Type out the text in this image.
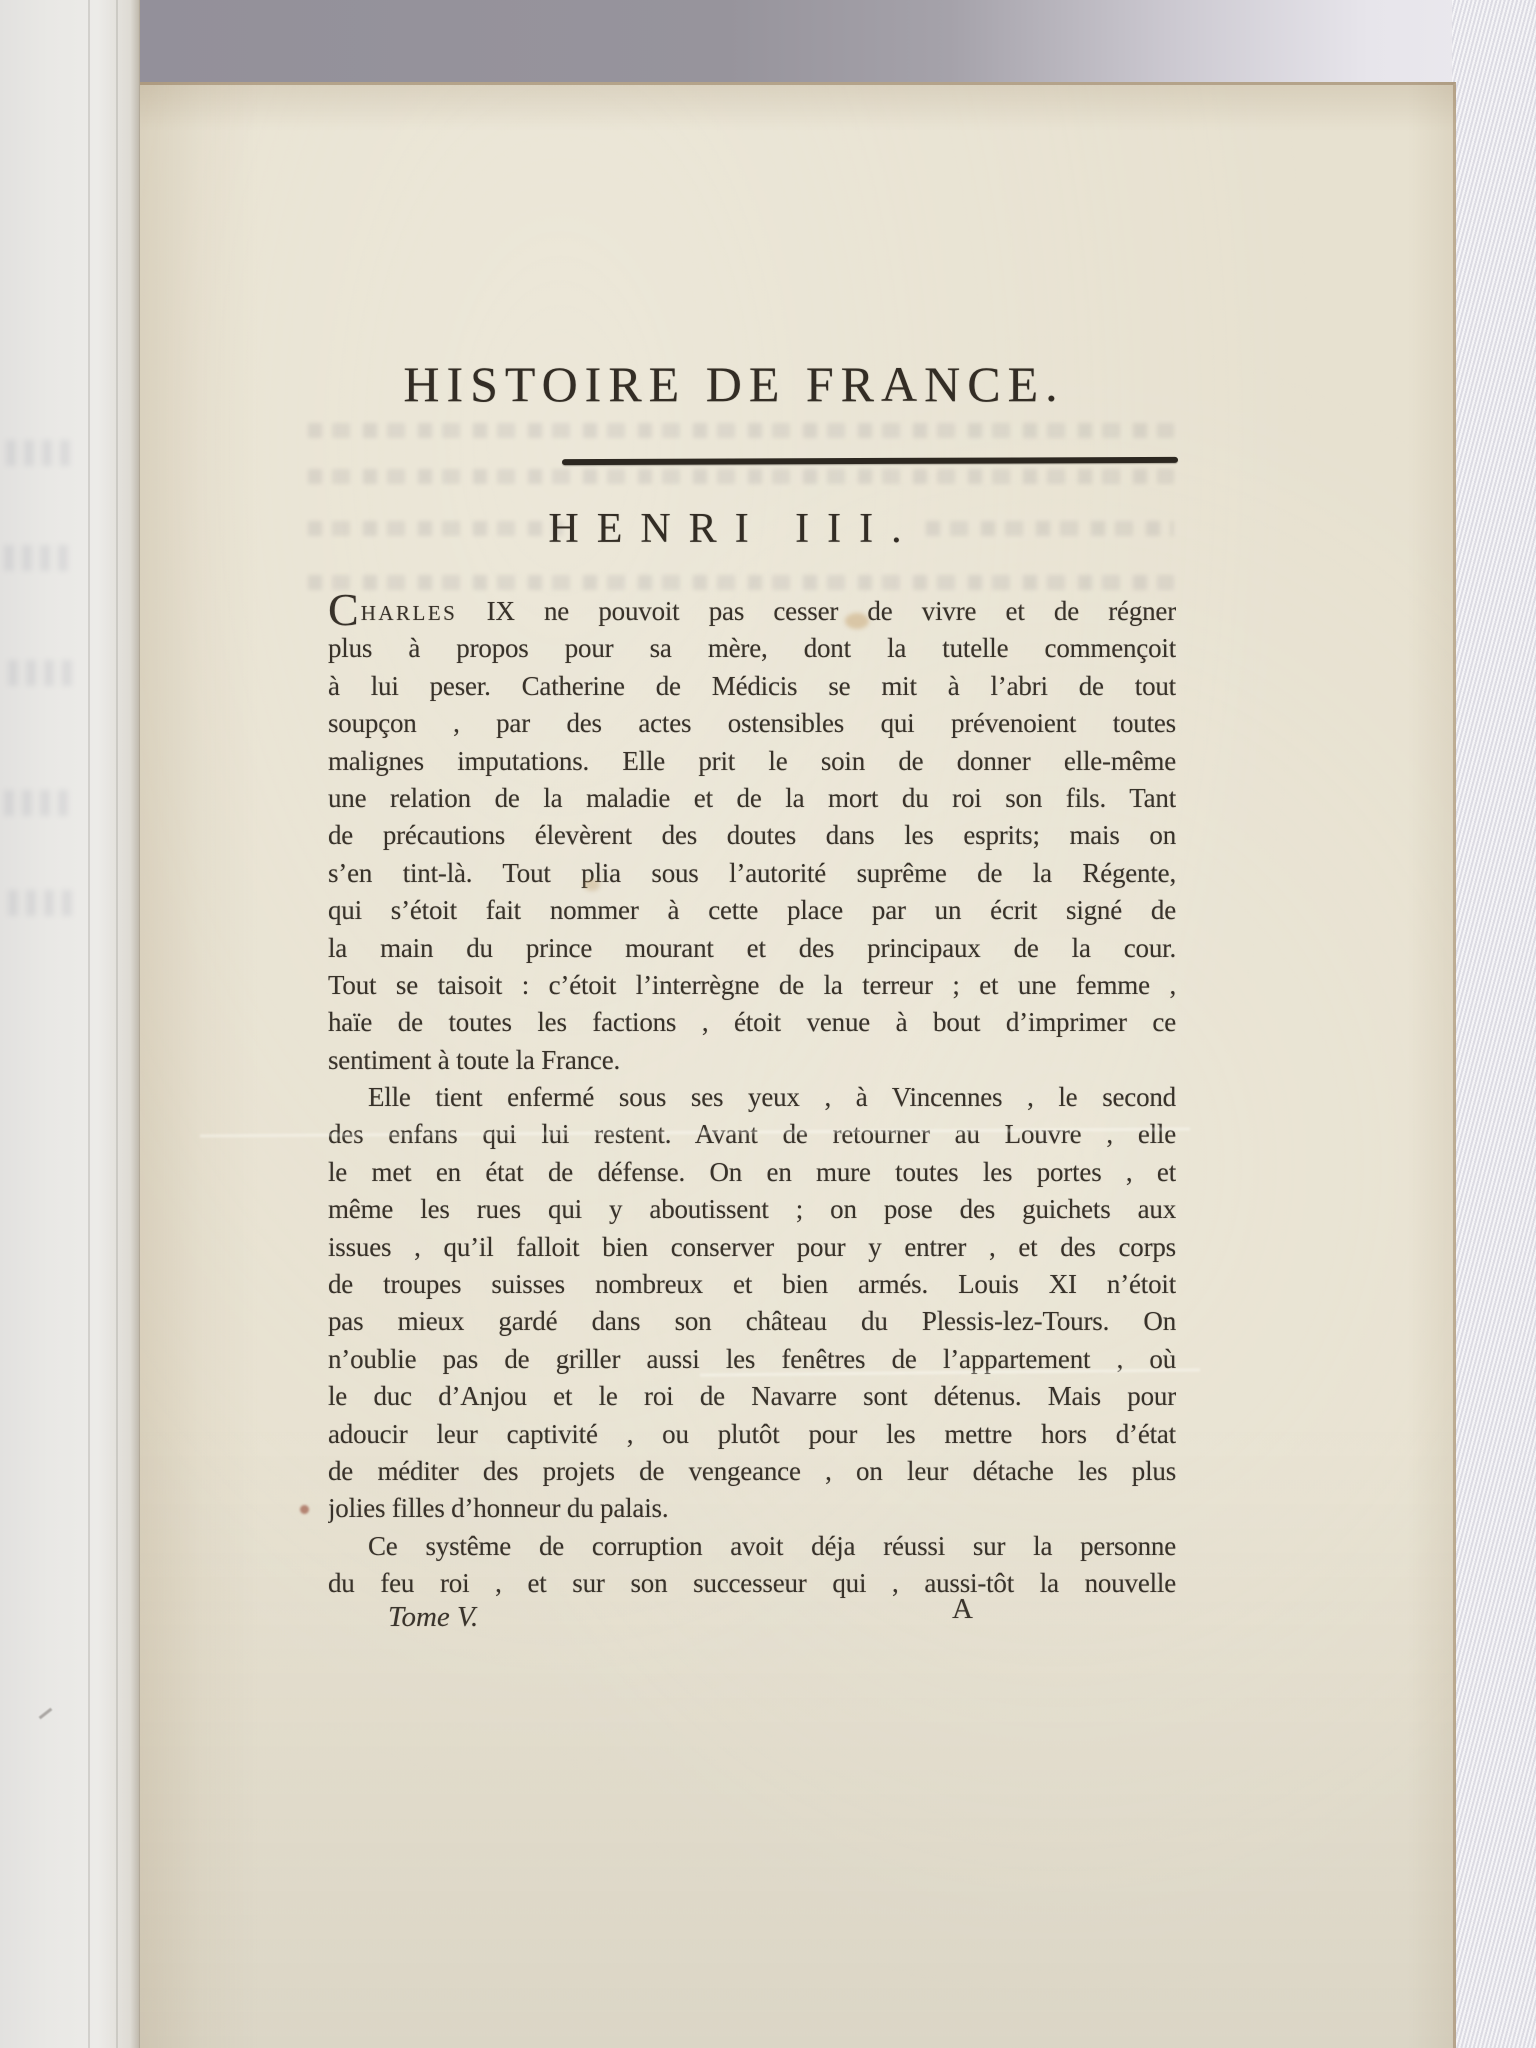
HISTOIRE DE FRANCE.
HENRI III.
CHARLES IX ne pouvoit pas cesser de vivre et de régner
plus à propos pour sa mère, dont la tutelle commençoit
à lui peser. Catherine de Médicis se mit à l’abri de tout
soupçon , par des actes ostensibles qui prévenoient toutes
malignes imputations. Elle prit le soin de donner elle-même
une relation de la maladie et de la mort du roi son fils. Tant
de précautions élevèrent des doutes dans les esprits; mais on
s’en tint-là. Tout plia sous l’autorité suprême de la Régente,
qui s’étoit fait nommer à cette place par un écrit signé de
la main du prince mourant et des principaux de la cour.
Tout se taisoit : c’étoit l’interrègne de la terreur ; et une femme ,
haïe de toutes les factions , étoit venue à bout d’imprimer ce
sentiment à toute la France.
Elle tient enfermé sous ses yeux , à Vincennes , le second
des enfans qui lui restent. Avant de retourner au Louvre , elle
le met en état de défense. On en mure toutes les portes , et
même les rues qui y aboutissent ; on pose des guichets aux
issues , qu’il falloit bien conserver pour y entrer , et des corps
de troupes suisses nombreux et bien armés. Louis XI n’étoit
pas mieux gardé dans son château du Plessis-lez-Tours. On
n’oublie pas de griller aussi les fenêtres de l’appartement , où
le duc d’Anjou et le roi de Navarre sont détenus. Mais pour
adoucir leur captivité , ou plutôt pour les mettre hors d’état
de méditer des projets de vengeance , on leur détache les plus
jolies filles d’honneur du palais.
Ce systême de corruption avoit déja réussi sur la personne
du feu roi , et sur son successeur qui , aussi-tôt la nouvelle
Tome V.	A
